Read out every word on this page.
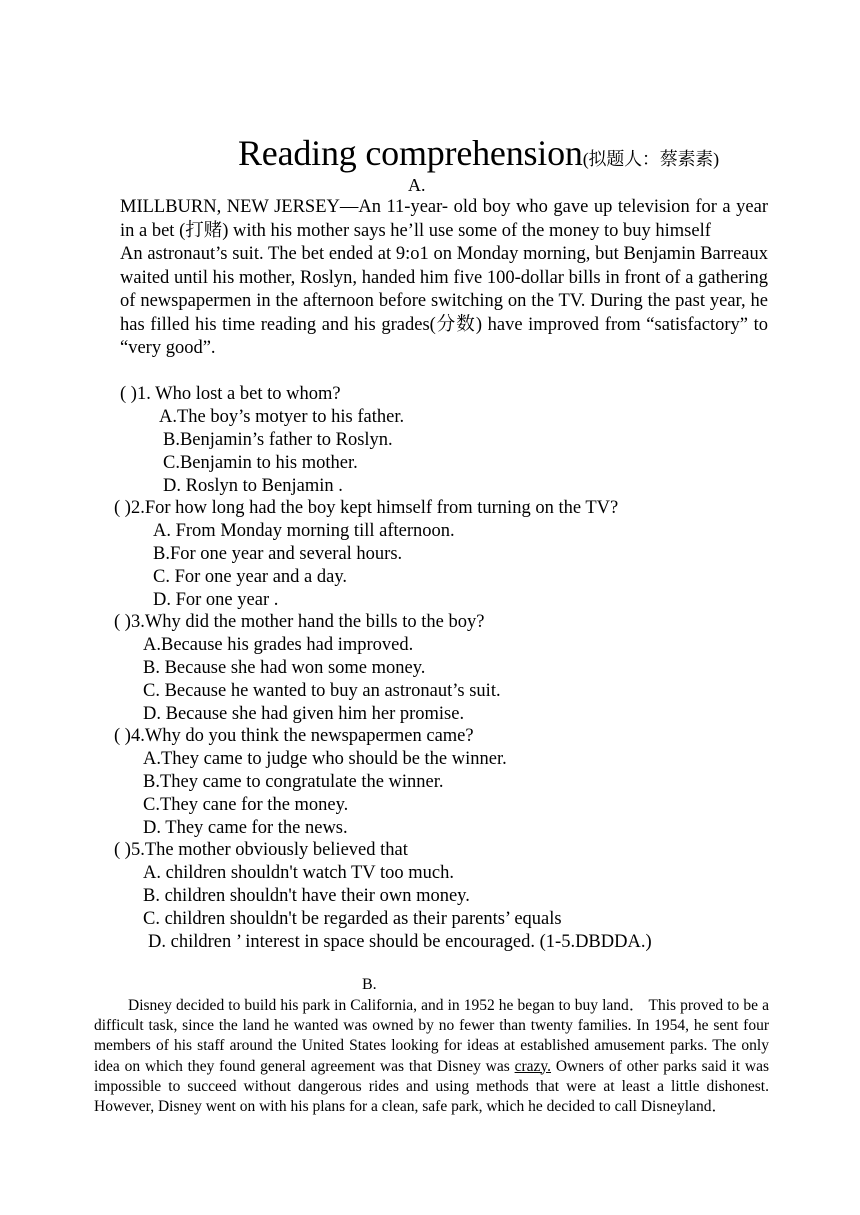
Reading comprehension(拟题人：蔡素素)
A.

MILLBURN, NEW JERSEY—An 11-year- old boy who gave up television for a year in a bet (打赌) with his mother says he’ll use some of the money to buy himself

An astronaut’s suit. The bet ended at 9:o1 on Monday morning, but Benjamin Barreaux waited until his mother, Roslyn, handed him five 100-dollar bills in front of a gathering of newspapermen in the afternoon before switching on the TV. During the past year, he has filled his time reading and his grades(分数) have improved from “satisfactory” to “very good”.

( )1. Who lost a bet to whom?
A.The boy’s motyer to his father.
B.Benjamin’s father to Roslyn.
C.Benjamin to his mother.
D. Roslyn to Benjamin .
( )2.For how long had the boy kept himself from turning on the TV?
A. From Monday morning till afternoon.
B.For one year and several hours.
C. For one year and a day.
D. For one year .
( )3.Why did the mother hand the bills to the boy?
A.Because his grades had improved.
B. Because she had won some money.
C. Because he wanted to buy an astronaut’s suit.
D. Because she had given him her promise.
( )4.Why do you think the newspapermen came?
A.They came to judge who should be the winner.
B.They came to congratulate the winner.
C.They cane for the money.
D. They came for the news.
( )5.The mother obviously believed that
A. children shouldn't watch TV too much.
B. children shouldn't have their own money.
C. children shouldn't be regarded as their parents’ equals
D. children ’ interest in space should be encouraged. (1-5.DBDDA.)
B.

Disney decided to build his park in California, and in 1952 he began to buy land． This proved to be a difficult task, since the land he wanted was owned by no fewer than twenty families. In 1954, he sent four members of his staff around the United States looking for ideas at established amusement parks. The only idea on which they found general agreement was that Disney was crazy. Owners of other parks said it was impossible to succeed without dangerous rides and using methods that were at least a little dishonest. However, Disney went on with his plans for a clean, safe park, which he decided to call Disneyland．
